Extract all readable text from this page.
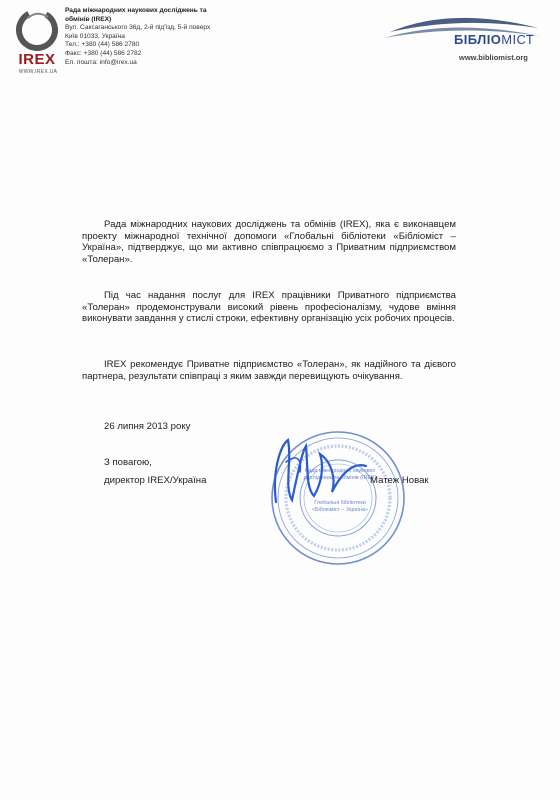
IREX
WWW.IREX.UA
Рада міжнародних наукових досліджень та
обмінів (IREX)
Вул. Саксаганського 36д, 2-й під'їзд, 5-й поверх
Київ 01033, Україна
Тел.: +380 (44) 586 2780
Факс: +380 (44) 586 2782
Ел. пошта: info@irex.ua
БІБЛІОМІСТ
www.bibliomist.org
Рада міжнародних наукових досліджень та обмінів (IREX), яка є виконавцем проекту міжнародної технічної допомоги «Глобальні бібліотеки «Бібліоміст – Україна», підтверджує, що ми активно співпрацюємо з Приватним підприємством «Толеран».
Під час надання послуг для IREX працівники Приватного підприємства «Толеран» продемонстрували високий рівень професіоналізму, чудове вміння виконувати завдання у стислі строки, ефективну організацію усіх робочих процесів.
IREX рекомендує Приватне підприємство «Толеран», як надійного та дієвого партнера, результати співпраці з яким завжди перевищують очікування.
26 липня 2013 року
З повагою,
директор IREX/Україна
Рада міжнародних наукових досліджень та обмінів (IREX)
Глобальні бібліотеки «Бібліоміст – Україна»
Матеж Новак
